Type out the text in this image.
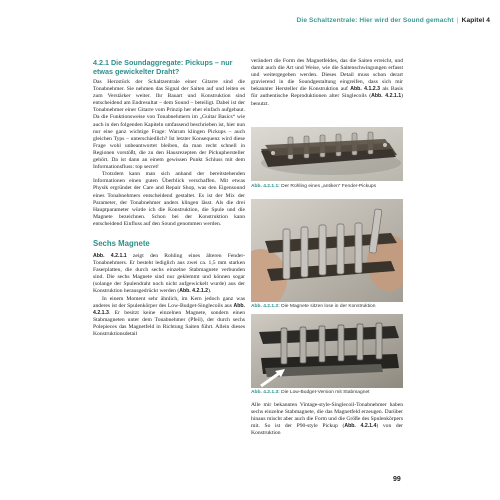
Die Schaltzentrale: Hier wird der Sound gemacht | Kapitel 4
4.2.1 Die Soundaggregate: Pickups – nur etwas gewickelter Draht?

Das Herzstück der Schaltzentrale einer Gitarre sind die Tonabnehmer. Sie nehmen das Signal der Saiten auf und leiten es zum Verstärker weiter. Ihr Bauart und Konstruktion sind entscheidend am Endresultat – dem Sound – beteiligt. Dabei ist der Tonabnehmer einer Gitarre vom Prinzip her eher einfach aufgebaut. Da die Funktionsweise von Tonabnehmern im „Guitar Basics“ wie auch in den folgenden Kapiteln umfassend beschrieben ist, hier nun nur eine ganz wichtige Frage: Warum klingen Pickups – auch gleichen Typs – unterschiedlich? Ist letzter Konsequenz wird diese Frage wohl unbeantwortet bleiben, da man recht schnell in Regionen vorstößt, die zu den Hausrezepten der Pickuphersteller gehört. Da ist dann an einem gewissen Punkt Schluss mit dem Informationsfluss: top secret!

Trotzdem kann man sich anhand der bereitstehenden Informationen einen guten Überblick verschaffen. Mit etwas Physik ergründet der Care and Repair Shop, was den Eigensound eines Tonabnehmers entscheidend gestaltet. Es ist der Mix der Parameter, der Tonabnehmer anders klingen lässt. Als die drei Hauptparameter würde ich die Konstruktion, die Spule und die Magnete bezeichnen. Schon bei der Konstruktion kann entscheidend Einfluss auf den Sound genommen werden.

Sechs Magnete

Abb. 4.2.1.1 zeigt den Rohling eines älteren Fender-Tonabnehmers. Er besteht lediglich aus zwei ca. 1,5 mm starken Faserplatten, die durch sechs einzelne Stabmagnete verbunden sind. Die sechs Magnete sind nur geklemmt und können sogar (solange der Spulendraht noch nicht aufgewickelt wurde) aus der Konstruktion herausgedrückt werden (Abb. 4.2.1.2).

In einem Moment sehr ähnlich, im Kern jedoch ganz was anderes ist der Spulenkörper des Low-Budget-Singlecoils aus Abb. 4.2.1.3. Er besitzt keine einzelnen Magnete, sondern einen Stabmagneten unter dem Tonabnehmer (Pfeil), der durch sechs Polepieces das Magnetfeld in Richtung Saiten führt. Allein dieses Konstruktionsdetail

verändert die Form des Magnetfeldes, das die Saiten erreicht, und damit auch die Art und Weise, wie die Saitenschwingungen erfasst und weitergegeben werden. Dieses Detail muss schon derart gravierend in die Soundgestaltung eingreifen, dass sich mir bekannter Hersteller die Konstruktion auf Abb. 4.1.2.3 als Basis für authentische Reproduktionen alter Singlecoils (Abb. 4.2.1.1) benutzt.

Abb. 4.2.1.1: Der Rohling eines „antiken“ Fender-Pickups
Abb. 4.2.1.2: Die Magnete sitzen lose in der Konstruktion
Abb. 4.2.1.3: Die Low-Budget-Version mit Stabmagnet

Alle mir bekannten Vintage-style-Singlecoil-Tonabnehmer haben sechs einzelne Stabmagnete, die das Magnetfeld erzeugen. Darüber hinaus mischt aber auch die Form und die Größe des Spulenkörpers mit. So ist der P90-style Pickup (Abb. 4.2.1.4) von der Konstruktion

99
